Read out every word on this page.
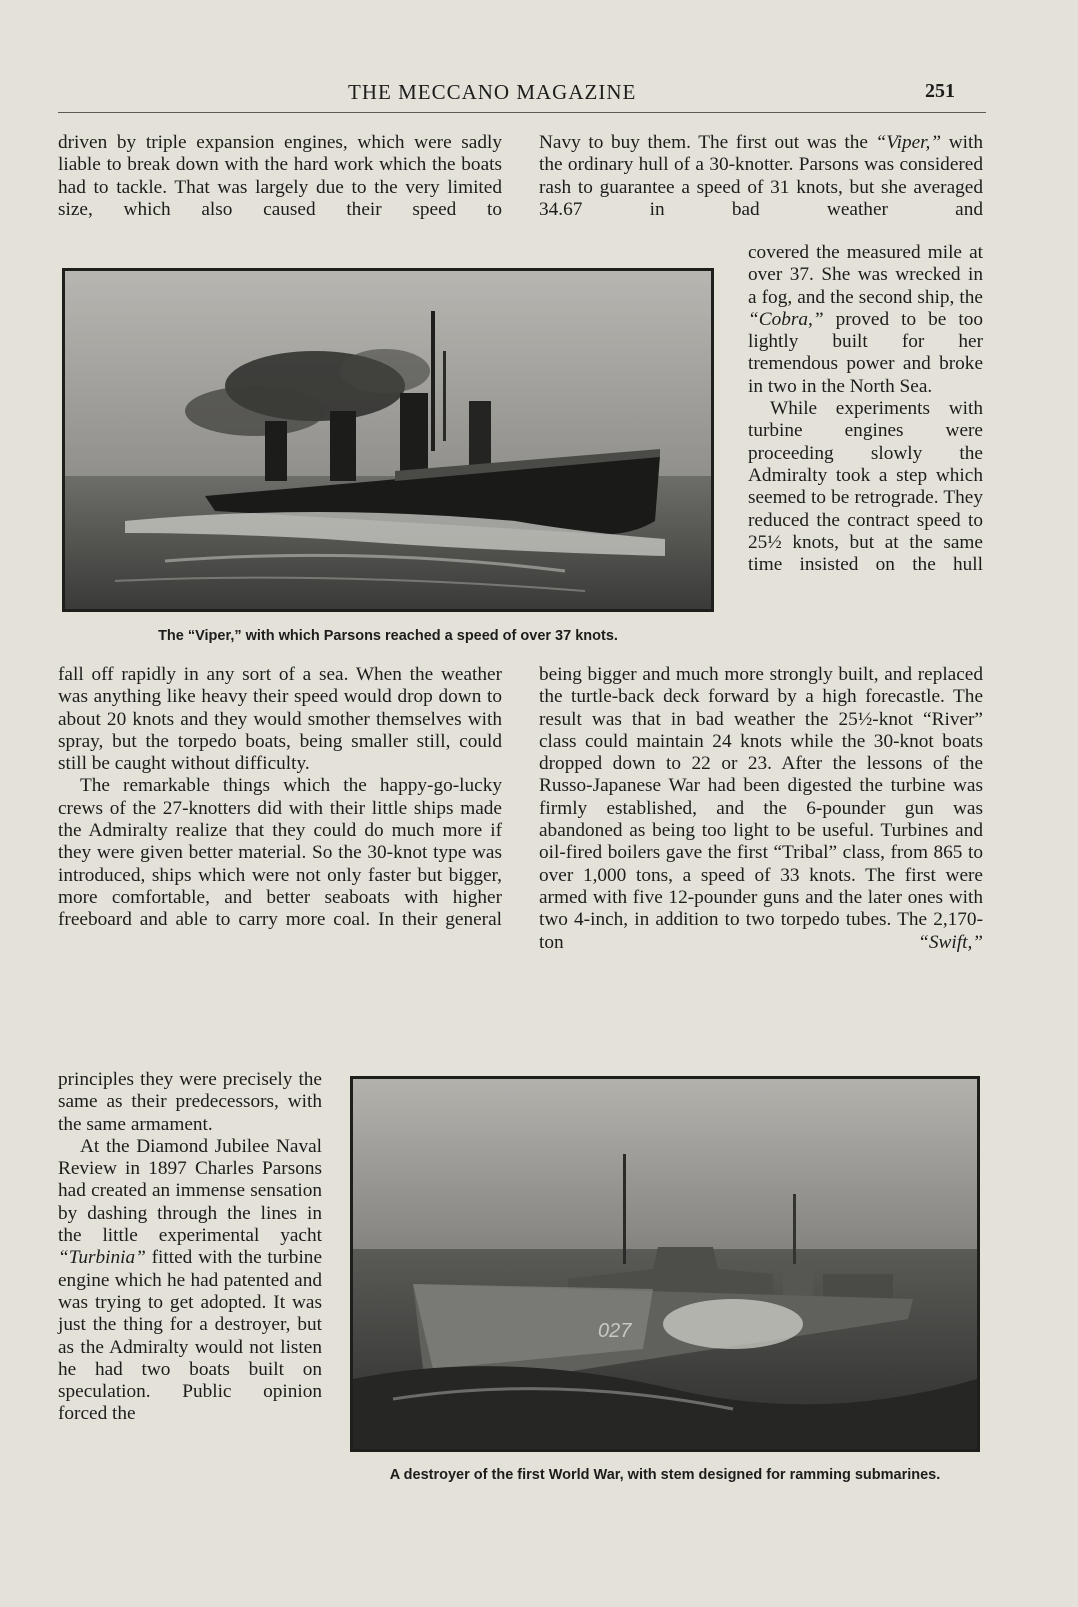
THE MECCANO MAGAZINE	251

driven by triple expansion engines, which were sadly liable to break down with the hard work which the boats had to tackle. That was largely due to the very limited size, which also caused their speed to

Navy to buy them. The first out was the “Viper,” with the ordinary hull of a 30-knotter. Parsons was considered rash to guarantee a speed of 31 knots, but she averaged 34.67 in bad weather and

covered the measured mile at over 37. She was wrecked in a fog, and the second ship, the “Cobra,” proved to be too lightly built for her tremendous power and broke in two in the North Sea.

While experiments with turbine engines were proceeding slowly the Admiralty took a step which seemed to be retrograde. They reduced the contract speed to 25½ knots, but at the same time insisted on the hull

The “Viper,” with which Parsons reached a speed of over 37 knots.

fall off rapidly in any sort of a sea. When the weather was anything like heavy their speed would drop down to about 20 knots and they would smother themselves with spray, but the torpedo boats, being smaller still, could still be caught without difficulty.

The remarkable things which the happy-go-lucky crews of the 27-knotters did with their little ships made the Admiralty realize that they could do much more if they were given better material. So the 30-knot type was introduced, ships which were not only faster but bigger, more comfortable, and better seaboats with higher freeboard and able to carry more coal. In their general

being bigger and much more strongly built, and replaced the turtle-back deck forward by a high forecastle. The result was that in bad weather the 25½-knot “River” class could maintain 24 knots while the 30-knot boats dropped down to 22 or 23. After the lessons of the Russo-Japanese War had been digested the turbine was firmly established, and the 6-pounder gun was abandoned as being too light to be useful. Turbines and oil-fired boilers gave the first “Tribal” class, from 865 to over 1,000 tons, a speed of 33 knots. The first were armed with five 12-pounder guns and the later ones with two 4-inch, in addition to two torpedo tubes. The 2,170-ton “Swift,”

principles they were precisely the same as their predecessors, with the same armament.

At the Diamond Jubilee Naval Review in 1897 Charles Parsons had created an immense sensation by dashing through the lines in the little experimental yacht “Turbinia” fitted with the turbine engine which he had patented and was trying to get adopted. It was just the thing for a destroyer, but as the Admiralty would not listen he had two boats built on speculation. Public opinion forced the

027
A destroyer of the first World War, with stem designed for ramming submarines.
